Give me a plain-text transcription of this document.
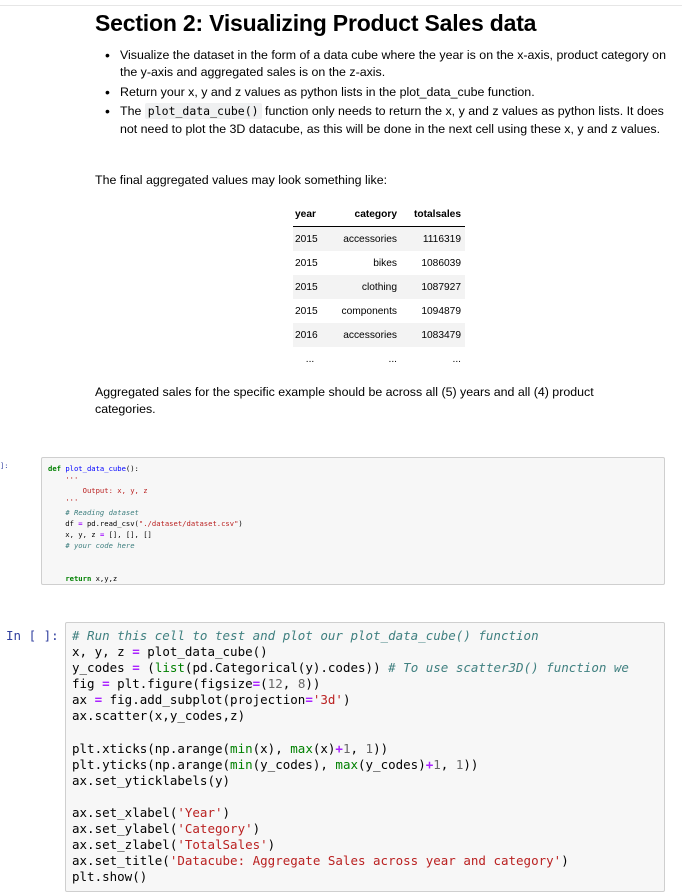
Section 2: Visualizing Product Sales data
• Visualize the dataset in the form of a data cube where the year is on the x-axis, product category on the y-axis and aggregated sales is on the z-axis.
• Return your x, y and z values as python lists in the plot_data_cube function.
• The plot_data_cube() function only needs to return the x, y and z values as python lists. It does not need to plot the 3D datacube, as this will be done in the next cell using these x, y and z values.

The final aggregated values may look something like:

year	category	totalsales
2015	accessories	1116319
2015	bikes	1086039
2015	clothing	1087927
2015	components	1094879
2016	accessories	1083479
...	...	...

Aggregated sales for the specific example should be across all (5) years and all (4) product categories.

]:	def plot_data_cube():
'''
Output: x, y, z
'''
# Reading dataset
df = pd.read_csv("./dataset/dataset.csv")
x, y, z = [], [], []
# your code here

return x,y,z
In [ ]: # Run this cell to test and plot our plot_data_cube() function
x, y, z = plot_data_cube()
y_codes = (list(pd.Categorical(y).codes)) # To use scatter3D() function we
fig = plt.figure(figsize=(12, 8))
ax = fig.add_subplot(projection='3d')
ax.scatter(x,y_codes,z)

plt.xticks(np.arange(min(x), max(x)+1, 1))
plt.yticks(np.arange(min(y_codes), max(y_codes)+1, 1))
ax.set_yticklabels(y)

ax.set_xlabel('Year')
ax.set_ylabel('Category')
ax.set_zlabel('TotalSales')
ax.set_title('Datacube: Aggregate Sales across year and category')
plt.show()
